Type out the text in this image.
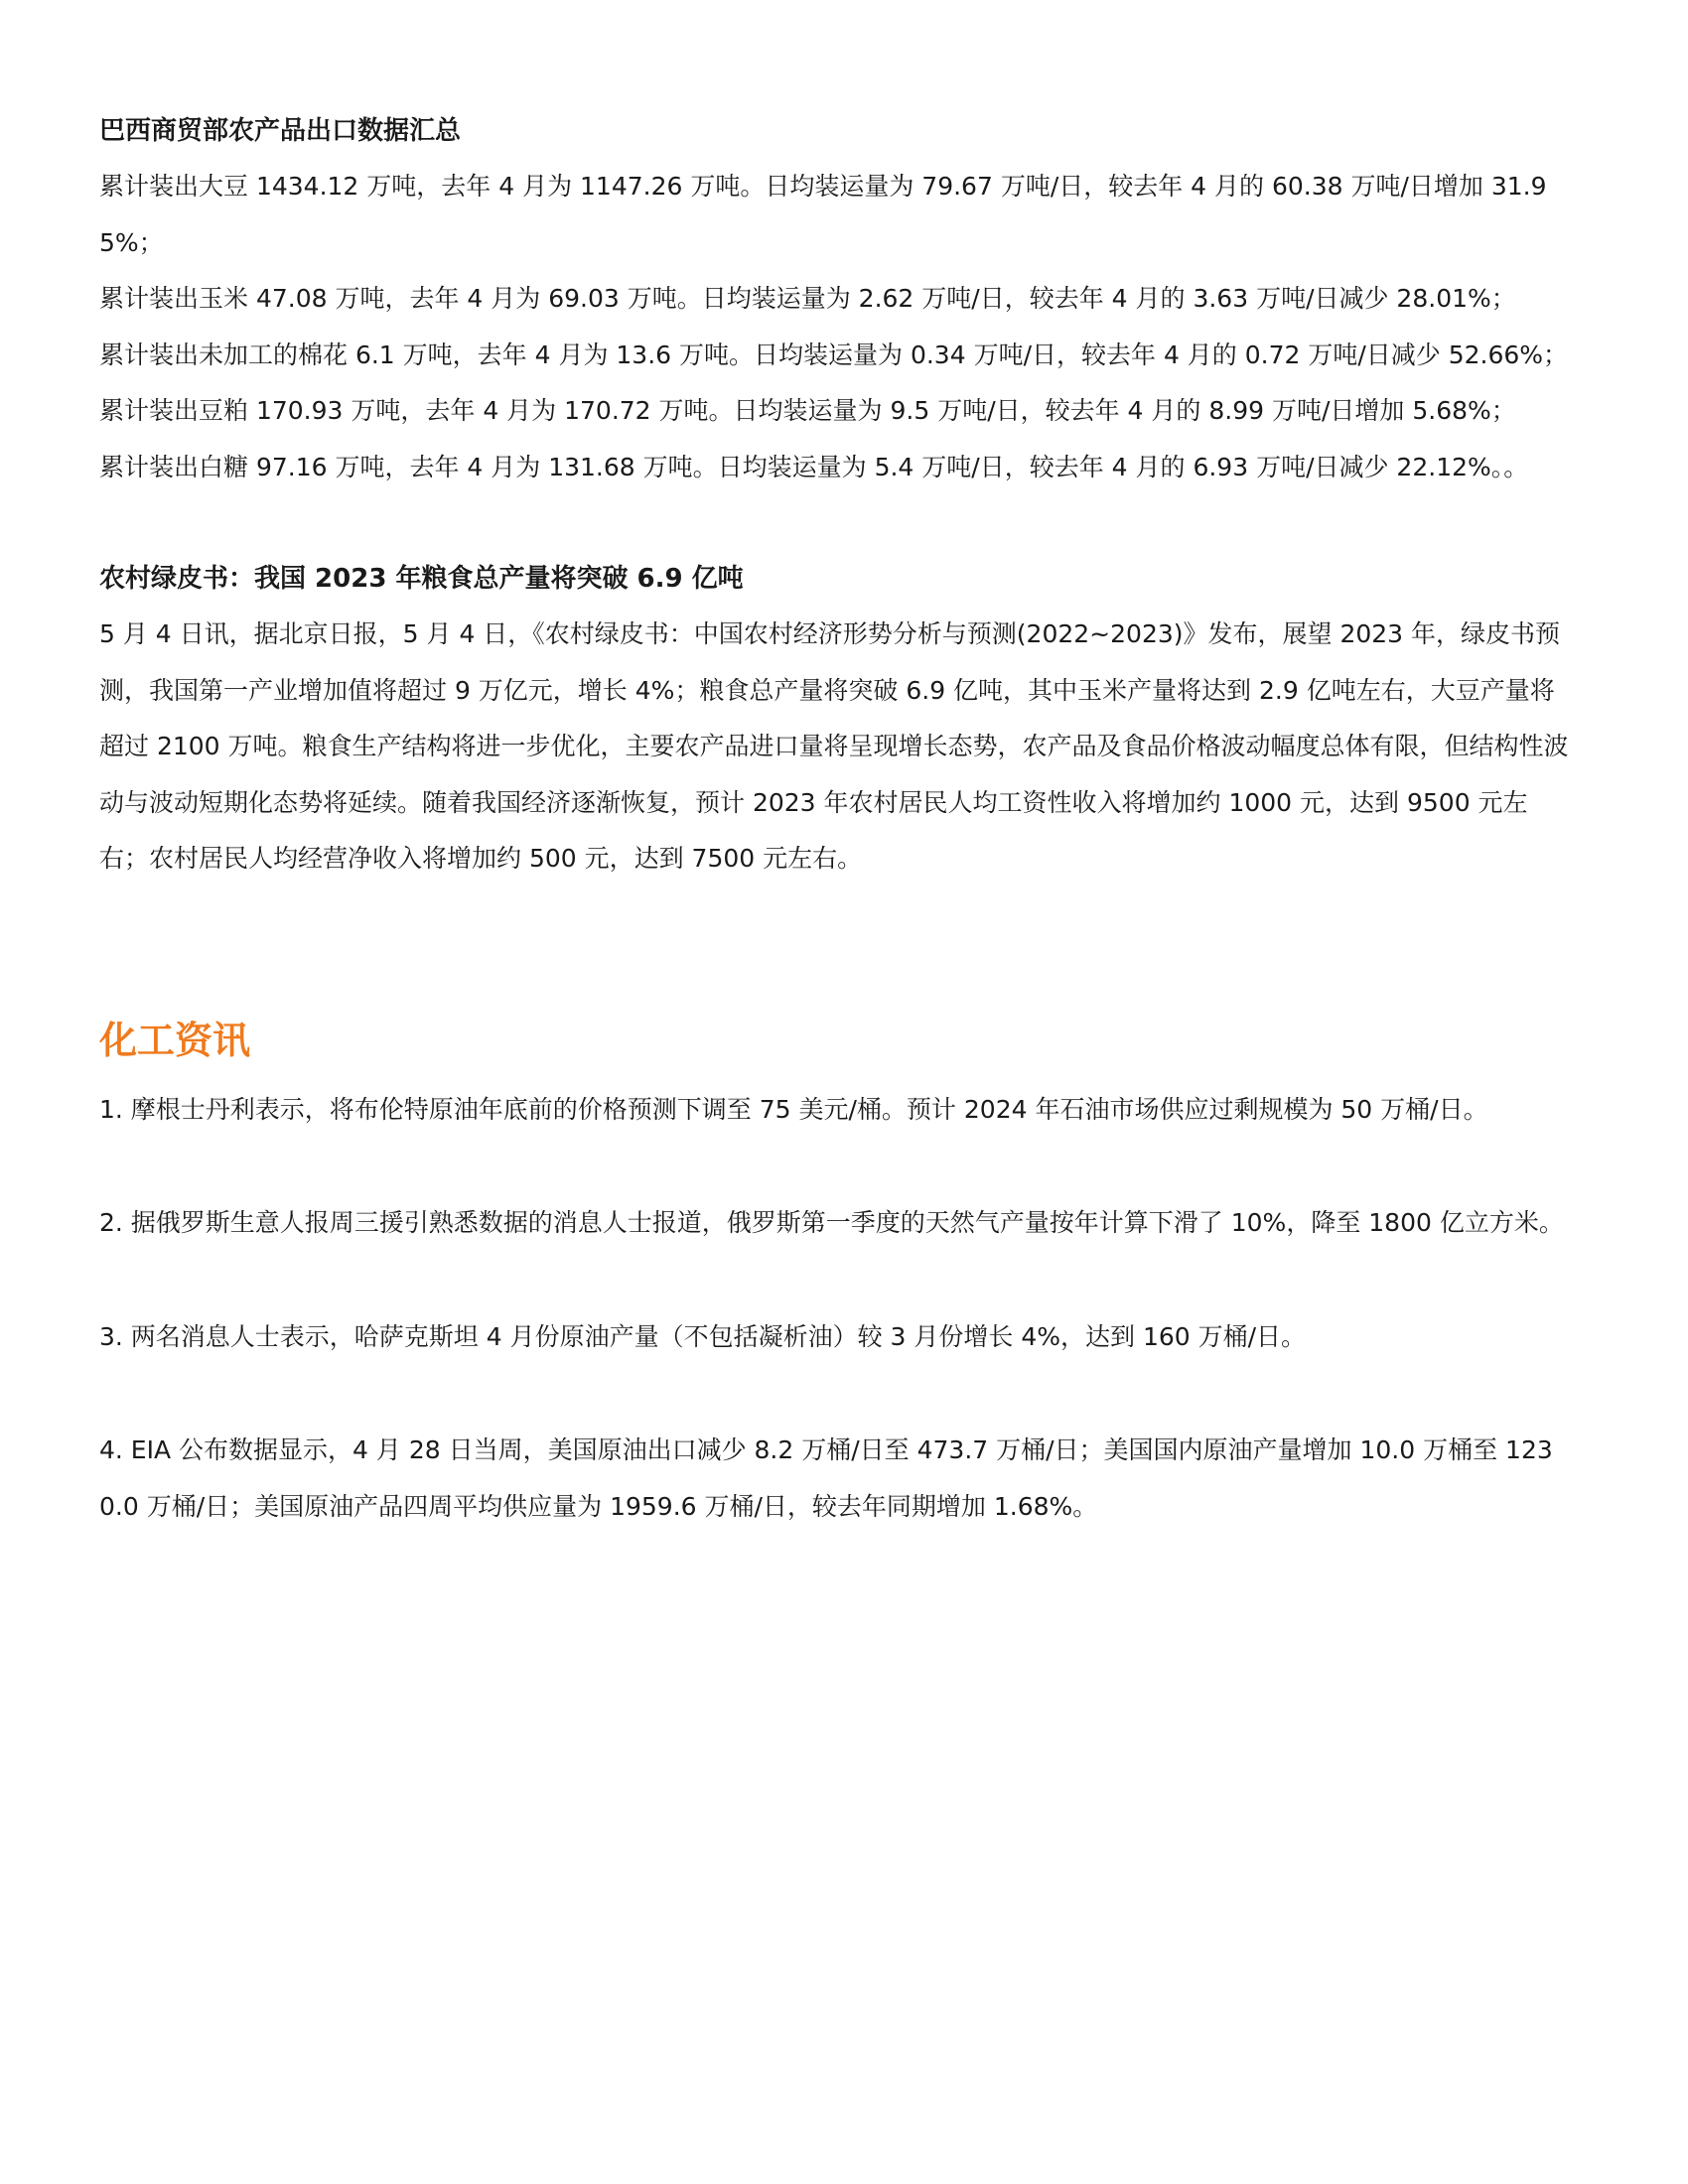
巴西商贸部农产品出口数据汇总

累计装出大豆 1434.12 万吨，去年 4 月为 1147.26 万吨。日均装运量为 79.67 万吨/日，较去年 4 月的 60.38 万吨/日增加 31.95%；

累计装出玉米 47.08 万吨，去年 4 月为 69.03 万吨。日均装运量为 2.62 万吨/日，较去年 4 月的 3.63 万吨/日减少 28.01%；

累计装出未加工的棉花 6.1 万吨，去年 4 月为 13.6 万吨。日均装运量为 0.34 万吨/日，较去年 4 月的 0.72 万吨/日减少 52.66%；

累计装出豆粕 170.93 万吨，去年 4 月为 170.72 万吨。日均装运量为 9.5 万吨/日，较去年 4 月的 8.99 万吨/日增加 5.68%；

累计装出白糖 97.16 万吨，去年 4 月为 131.68 万吨。日均装运量为 5.4 万吨/日，较去年 4 月的 6.93 万吨/日减少 22.12%。。

农村绿皮书：我国 2023 年粮食总产量将突破 6.9 亿吨

5 月 4 日讯，据北京日报，5 月 4 日，《农村绿皮书：中国农村经济形势分析与预测(2022~2023)》发布，展望 2023 年，绿皮书预测，我国第一产业增加值将超过 9 万亿元，增长 4%；粮食总产量将突破 6.9 亿吨，其中玉米产量将达到 2.9 亿吨左右，大豆产量将超过 2100 万吨。粮食生产结构将进一步优化，主要农产品进口量将呈现增长态势，农产品及食品价格波动幅度总体有限，但结构性波动与波动短期化态势将延续。随着我国经济逐渐恢复，预计 2023 年农村居民人均工资性收入将增加约 1000 元，达到 9500 元左右；农村居民人均经营净收入将增加约 500 元，达到 7500 元左右。

化工资讯

1. 摩根士丹利表示，将布伦特原油年底前的价格预测下调至 75 美元/桶。预计 2024 年石油市场供应过剩规模为 50 万桶/日。

2. 据俄罗斯生意人报周三援引熟悉数据的消息人士报道，俄罗斯第一季度的天然气产量按年计算下滑了 10%，降至 1800 亿立方米。

3. 两名消息人士表示，哈萨克斯坦 4 月份原油产量（不包括凝析油）较 3 月份增长 4%，达到 160 万桶/日。

4. EIA 公布数据显示，4 月 28 日当周，美国原油出口减少 8.2 万桶/日至 473.7 万桶/日；美国国内原油产量增加 10.0 万桶至 1230.0 万桶/日；美国原油产品四周平均供应量为 1959.6 万桶/日，较去年同期增加 1.68%。
